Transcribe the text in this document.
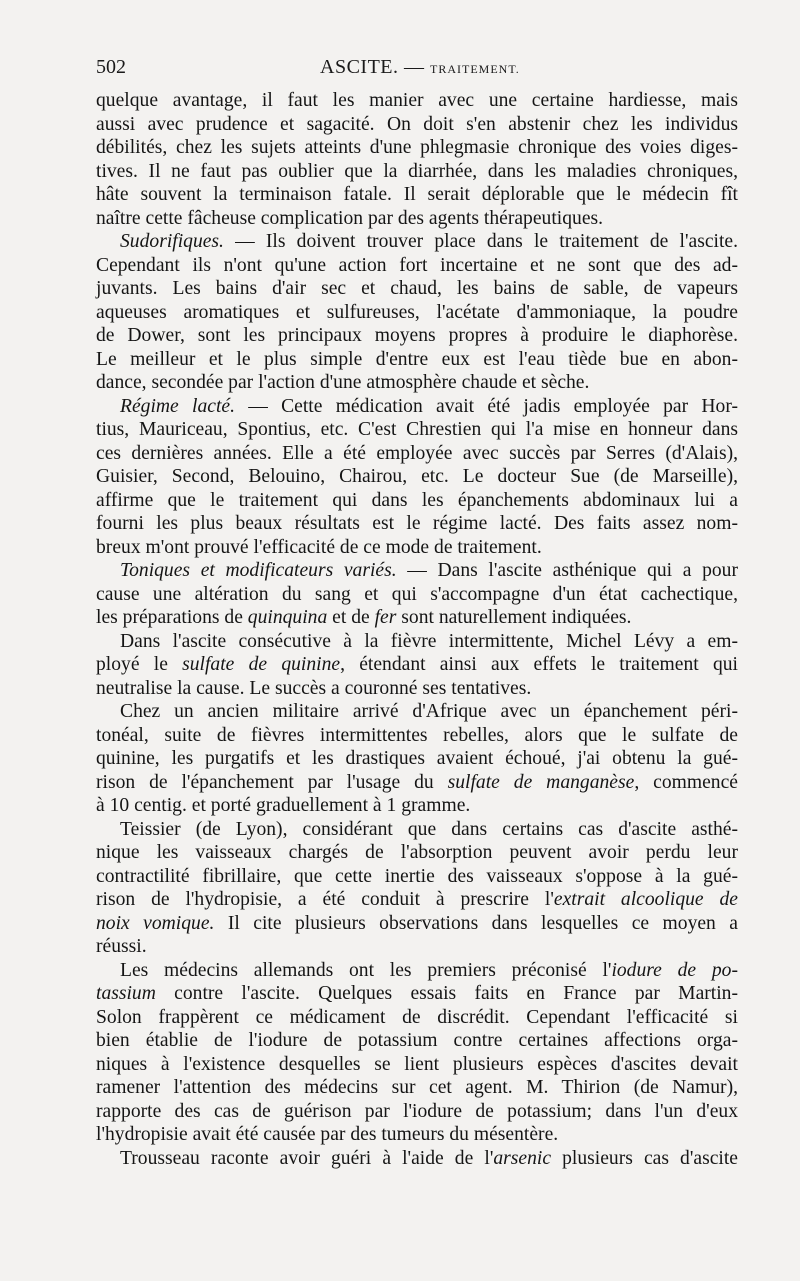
502	ASCITE. — TRAITEMENT.
quelque avantage, il faut les manier avec une certaine hardiesse, mais
aussi avec prudence et sagacité. On doit s'en abstenir chez les individus
débilités, chez les sujets atteints d'une phlegmasie chronique des voies diges-
tives. Il ne faut pas oublier que la diarrhée, dans les maladies chroniques,
hâte souvent la terminaison fatale. Il serait déplorable que le médecin fît
naître cette fâcheuse complication par des agents thérapeutiques.
Sudorifiques. — Ils doivent trouver place dans le traitement de l'ascite.
Cependant ils n'ont qu'une action fort incertaine et ne sont que des ad-
juvants. Les bains d'air sec et chaud, les bains de sable, de vapeurs
aqueuses aromatiques et sulfureuses, l'acétate d'ammoniaque, la poudre
de Dower, sont les principaux moyens propres à produire le diaphorèse.
Le meilleur et le plus simple d'entre eux est l'eau tiède bue en abon-
dance, secondée par l'action d'une atmosphère chaude et sèche.
Régime lacté. — Cette médication avait été jadis employée par Hor-
tius, Mauriceau, Spontius, etc. C'est Chrestien qui l'a mise en honneur dans
ces dernières années. Elle a été employée avec succès par Serres (d'Alais),
Guisier, Second, Belouino, Chairou, etc. Le docteur Sue (de Marseille),
affirme que le traitement qui dans les épanchements abdominaux lui a
fourni les plus beaux résultats est le régime lacté. Des faits assez nom-
breux m'ont prouvé l'efficacité de ce mode de traitement.
Toniques et modificateurs variés. — Dans l'ascite asthénique qui a pour
cause une altération du sang et qui s'accompagne d'un état cachectique,
les préparations de quinquina et de fer sont naturellement indiquées.
Dans l'ascite consécutive à la fièvre intermittente, Michel Lévy a em-
ployé le sulfate de quinine, étendant ainsi aux effets le traitement qui
neutralise la cause. Le succès a couronné ses tentatives.
Chez un ancien militaire arrivé d'Afrique avec un épanchement péri-
tonéal, suite de fièvres intermittentes rebelles, alors que le sulfate de
quinine, les purgatifs et les drastiques avaient échoué, j'ai obtenu la gué-
rison de l'épanchement par l'usage du sulfate de manganèse, commencé
à 10 centig. et porté graduellement à 1 gramme.
Teissier (de Lyon), considérant que dans certains cas d'ascite asthé-
nique les vaisseaux chargés de l'absorption peuvent avoir perdu leur
contractilité fibrillaire, que cette inertie des vaisseaux s'oppose à la gué-
rison de l'hydropisie, a été conduit à prescrire l'extrait alcoolique de
noix vomique. Il cite plusieurs observations dans lesquelles ce moyen a
réussi.
Les médecins allemands ont les premiers préconisé l'iodure de po-
tassium contre l'ascite. Quelques essais faits en France par Martin-
Solon frappèrent ce médicament de discrédit. Cependant l'efficacité si
bien établie de l'iodure de potassium contre certaines affections orga-
niques à l'existence desquelles se lient plusieurs espèces d'ascites devait
ramener l'attention des médecins sur cet agent. M. Thirion (de Namur),
rapporte des cas de guérison par l'iodure de potassium; dans l'un d'eux
l'hydropisie avait été causée par des tumeurs du mésentère.
Trousseau raconte avoir guéri à l'aide de l'arsenic plusieurs cas d'ascite
